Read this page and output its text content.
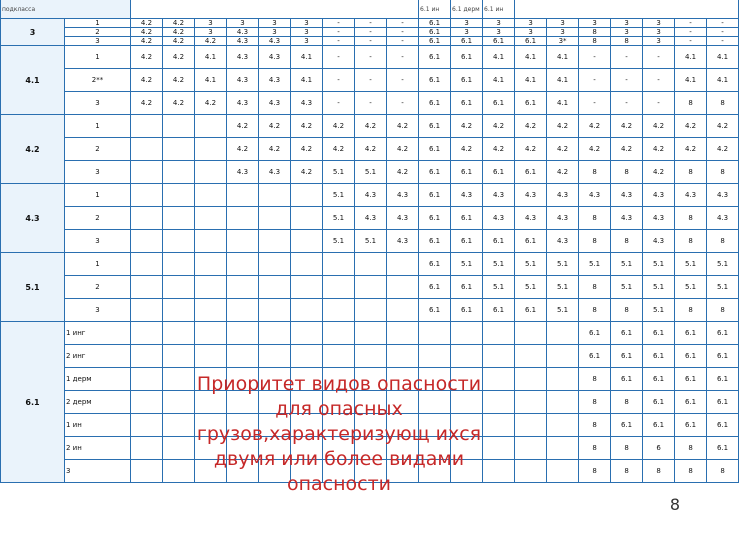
подкласса											6.1 ин	6.1 дерм	6.1 ин							
3	1	4.2	4.2	3	3	3	3	-	-	-	6.1	3	3	3	3	3	3	3	-	-
	2	4.2	4.2	3	4.3	3	3	-	-	-	6.1	3	3	3	3	8	3	3	-	-
	3	4.2	4.2	4.2	4.3	4.3	3	-	-	-	6.1	6.1	6.1	6.1	3*	8	8	3	-	-
4.1	1	4.2	4.2	4.1	4.3	4.3	4.1	-	-	-	6.1	6.1	4.1	4.1	4.1	-	-	-	4.1	4.1
	2**	4.2	4.2	4.1	4.3	4.3	4.1	-	-	-	6.1	6.1	4.1	4.1	4.1	-	-	-	4.1	4.1
	3	4.2	4.2	4.2	4.3	4.3	4.3	-	-	-	6.1	6.1	6.1	6.1	4.1	-	-	-	8	8
4.2	1				4.2	4.2	4.2	4.2	4.2	4.2	6.1	4.2	4.2	4.2	4.2	4.2	4.2	4.2	4.2	4.2
	2				4.2	4.2	4.2	4.2	4.2	4.2	6.1	4.2	4.2	4.2	4.2	4.2	4.2	4.2	4.2	4.2
	3				4.3	4.3	4.2	5.1	5.1	4.2	6.1	6.1	6.1	6.1	4.2	8	8	4.2	8	8
4.3	1							5.1	4.3	4.3	6.1	4.3	4.3	4.3	4.3	4.3	4.3	4.3	4.3	4.3
	2							5.1	4.3	4.3	6.1	6.1	4.3	4.3	4.3	8	4.3	4.3	8	4.3
	3							5.1	5.1	4.3	6.1	6.1	6.1	6.1	4.3	8	8	4.3	8	8
5.1	1										6.1	5.1	5.1	5.1	5.1	5.1	5.1	5.1	5.1	5.1
	2										6.1	6.1	5.1	5.1	5.1	8	5.1	5.1	5.1	5.1
	3										6.1	6.1	6.1	6.1	5.1	8	8	5.1	8	8
6.1	1 инг															6.1	6.1	6.1	6.1	6.1
	2 инг															6.1	6.1	6.1	6.1	6.1
	1 дерм															8	6.1	6.1	6.1	6.1
	2 дерм															8	8	6.1	6.1	6.1
	1 ин															8	6.1	6.1	6.1	6.1
	2 ин															8	8	6	8	6.1
	3															8	8	8	8	8
Приоритет видов опасности для опасных грузов,характеризующ ихся двумя или более видами опасности
8
